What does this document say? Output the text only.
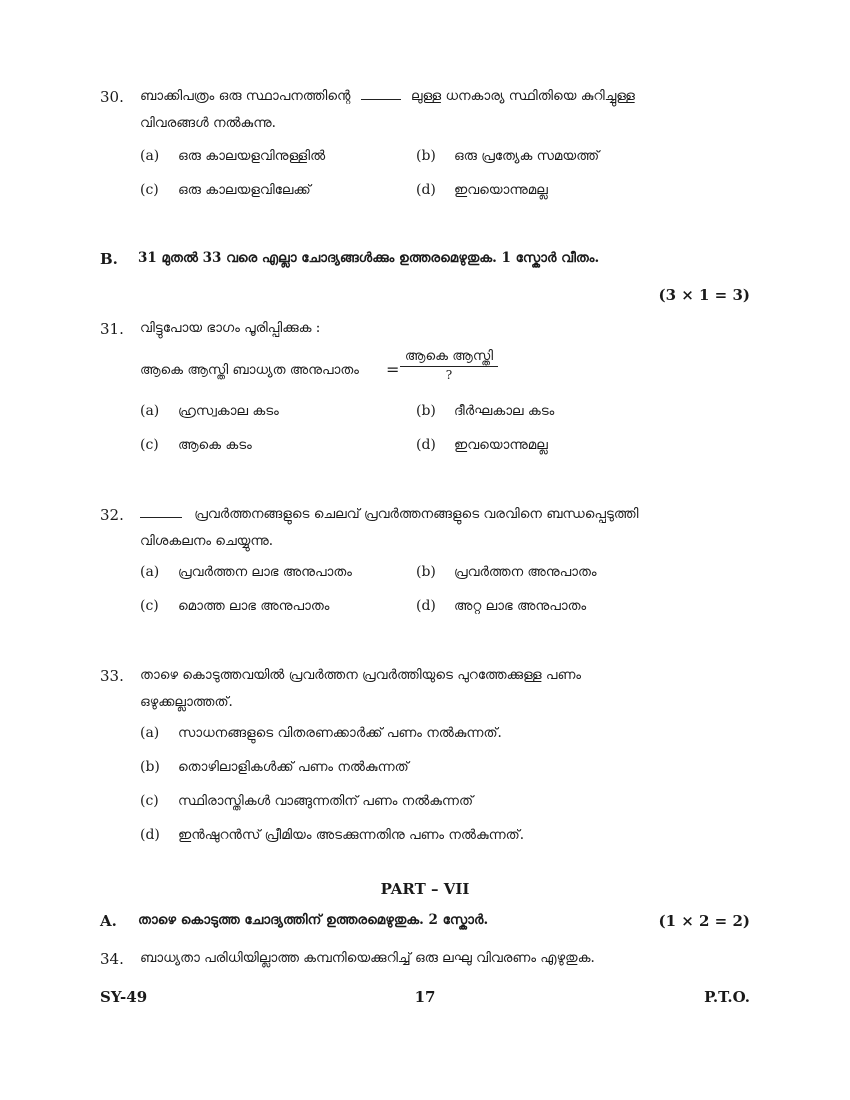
30. ബാക്കിപത്രം ഒരു സ്ഥാപനത്തിന്റെ	ലുള്ള ധനകാര്യ സ്ഥിതിയെ കുറിച്ചുള്ള
വിവരങ്ങൾ നൽകുന്നു.
(a) ഒരു കാലയളവിനുള്ളിൽ	(b) ഒരു പ്രത്യേക സമയത്ത്
(c) ഒരു കാലയളവിലേക്ക്	(d) ഇവയൊന്നുമല്ല
B. 31 മുതൽ 33 വരെ എല്ലാ ചോദ്യങ്ങൾക്കും ഉത്തരമെഴുതുക. 1 സ്കോർ വീതം.
(3 × 1 = 3)
31. വിട്ടുപോയ ഭാഗം പൂരിപ്പിക്കുക :
ആകെ ആസ്തി ബാധ്യത അനുപാതം =
ആകെ ആസ്തി
?
(a) ഹ്രസ്വകാല കടം	(b) ദീർഘകാല കടം
(c) ആകെ കടം	(d) ഇവയൊന്നുമല്ല
32.	പ്രവർത്തനങ്ങളുടെ ചെലവ് പ്രവർത്തനങ്ങളുടെ വരവിനെ ബന്ധപ്പെടുത്തി
വിശകലനം ചെയ്യുന്നു.
(a) പ്രവർത്തന ലാഭ അനുപാതം	(b) പ്രവർത്തന അനുപാതം
(c) മൊത്ത ലാഭ അനുപാതം	(d) അറ്റ ലാഭ അനുപാതം
33. താഴെ കൊടുത്തവയിൽ പ്രവർത്തന പ്രവർത്തിയുടെ പുറത്തേക്കുള്ള പണം
ഒഴുക്കല്ലാത്തത്.
(a) സാധനങ്ങളുടെ വിതരണക്കാർക്ക് പണം നൽകുന്നത്.
(b) തൊഴിലാളികൾക്ക് പണം നൽകുന്നത്
(c) സ്ഥിരാസ്തികൾ വാങ്ങുന്നതിന് പണം നൽകുന്നത്
(d) ഇൻഷുറൻസ് പ്രീമിയം അടക്കുന്നതിനു പണം നൽകുന്നത്.
PART – VII
A. താഴെ കൊടുത്ത ചോദ്യത്തിന് ഉത്തരമെഴുതുക. 2 സ്കോർ.	(1 × 2 = 2)
34. ബാധ്യതാ പരിധിയില്ലാത്ത കമ്പനിയെക്കുറിച്ച് ഒരു ലഘു വിവരണം എഴുതുക.
SY-49	17	P.T.O.
